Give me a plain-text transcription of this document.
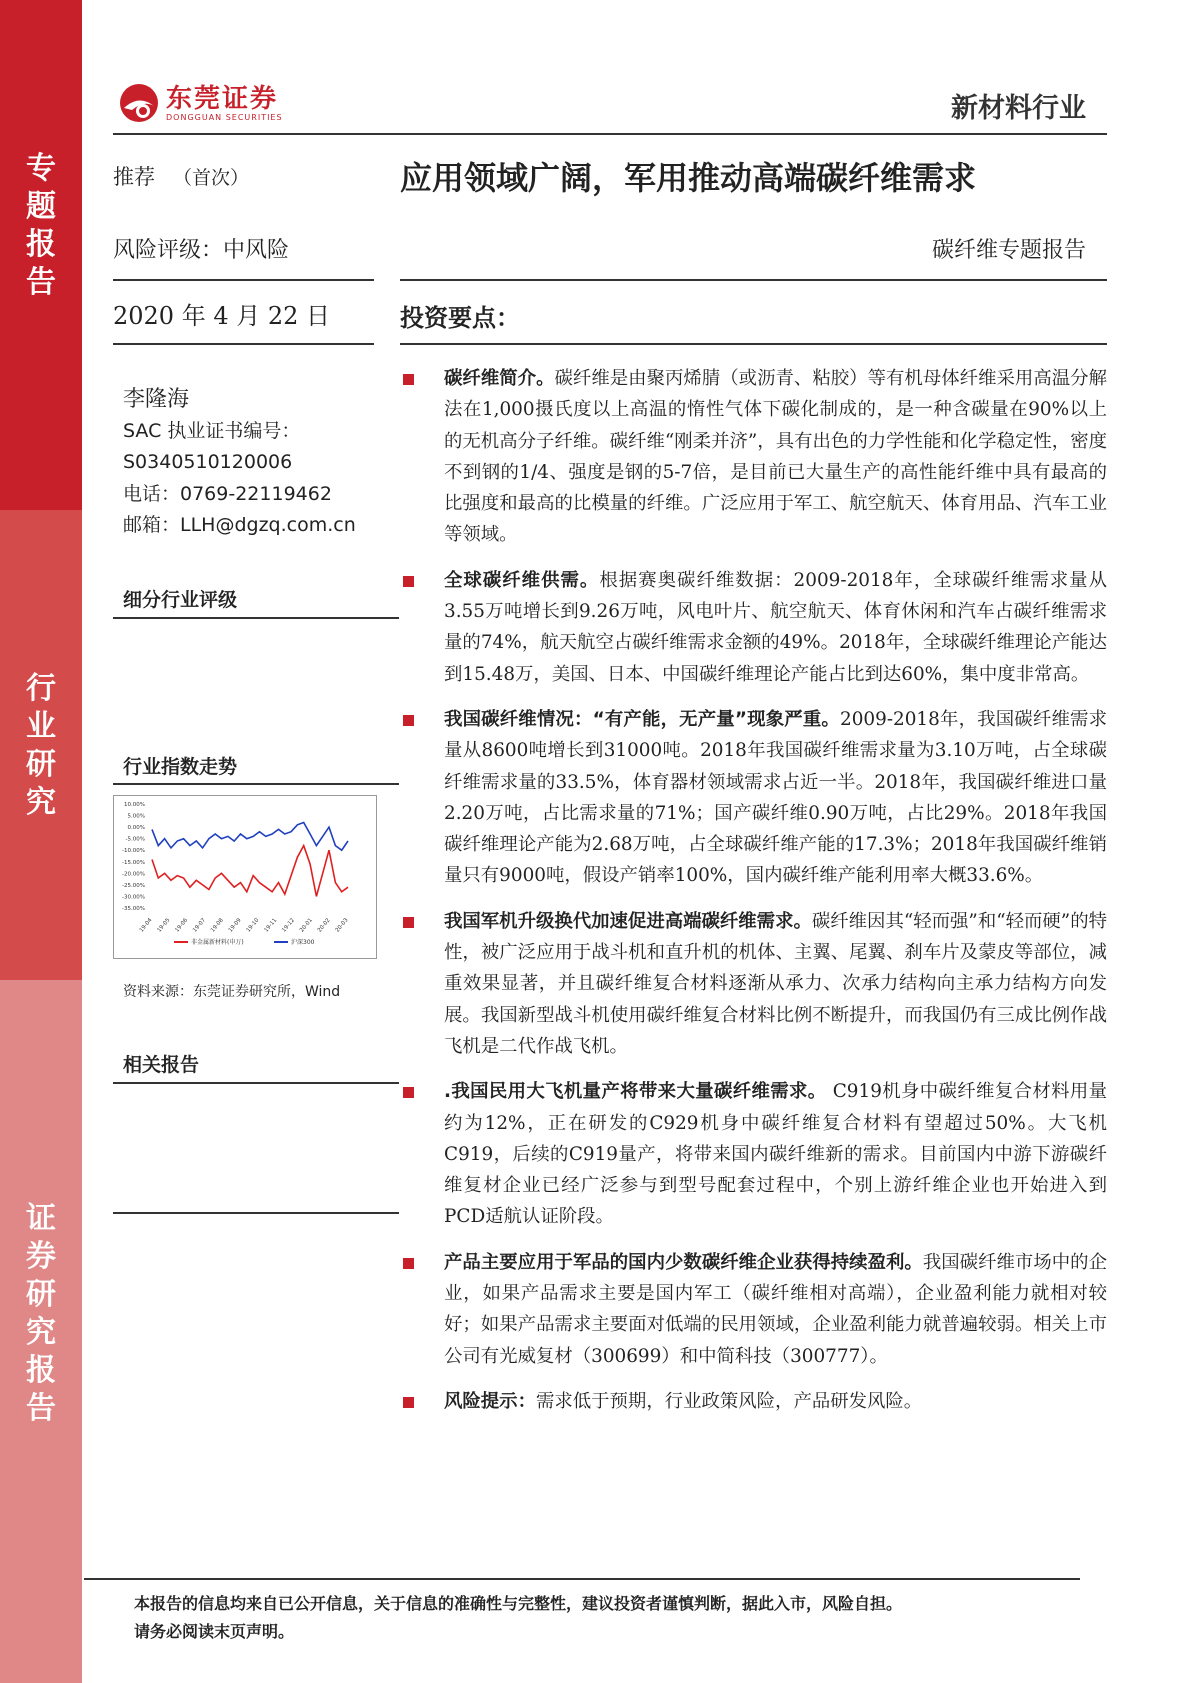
专
题
报
告
行
业
研
究
证
券
研
究
报
告
东莞证券
DONGGUAN SECURITIES	新材料行业
推荐 （首次）	应用领域广阔，军用推动高端碳纤维需求
风险评级：中风险	碳纤维专题报告
2020 年 4 月 22 日	投资要点：
李隆海
SAC 执业证书编号：
S0340510120006
电话：0769-22119462
邮箱：LLH@dgzq.com.cn
细分行业评级
行业指数走势
10.00%
5.00%
0.00%
-5.00%
-10.00%
-15.00%
-20.00%
-25.00%
-30.00%
-35.00%
19-04 19-05 19-06 19-07 19-08 19-09 19-10 19-11 19-12 20-01 20-02 20-03
非金属新材料(申万)	沪深300
资料来源：东莞证券研究所，Wind
相关报告
碳纤维简介。碳纤维是由聚丙烯腈（或沥青、粘胶）等有机母体纤维采用高温分解法在1,000摄氏度以上高温的惰性气体下碳化制成的，是一种含碳量在90%以上的无机高分子纤维。碳纤维“刚柔并济”，具有出色的力学性能和化学稳定性，密度不到钢的1/4、强度是钢的5-7倍，是目前已大量生产的高性能纤维中具有最高的比强度和最高的比模量的纤维。广泛应用于军工、航空航天、体育用品、汽车工业等领域。
全球碳纤维供需。根据赛奥碳纤维数据：2009-2018年，全球碳纤维需求量从3.55万吨增长到9.26万吨，风电叶片、航空航天、体育休闲和汽车占碳纤维需求量的74%，航天航空占碳纤维需求金额的49%。2018年，全球碳纤维理论产能达到15.48万，美国、日本、中国碳纤维理论产能占比到达60%，集中度非常高。
我国碳纤维情况：“有产能，无产量”现象严重。2009-2018年，我国碳纤维需求量从8600吨增长到31000吨。2018年我国碳纤维需求量为3.10万吨，占全球碳纤维需求量的33.5%，体育器材领域需求占近一半。2018年，我国碳纤维进口量2.20万吨，占比需求量的71%；国产碳纤维0.90万吨，占比29%。2018年我国碳纤维理论产能为2.68万吨，占全球碳纤维产能的17.3%；2018年我国碳纤维销量只有9000吨，假设产销率100%，国内碳纤维产能利用率大概33.6%。
我国军机升级换代加速促进高端碳纤维需求。碳纤维因其“轻而强”和“轻而硬”的特性，被广泛应用于战斗机和直升机的机体、主翼、尾翼、刹车片及蒙皮等部位，减重效果显著，并且碳纤维复合材料逐渐从承力、次承力结构向主承力结构方向发展。我国新型战斗机使用碳纤维复合材料比例不断提升，而我国仍有三成比例作战飞机是二代作战飞机。
.我国民用大飞机量产将带来大量碳纤维需求。 C919机身中碳纤维复合材料用量约为12%，正在研发的C929机身中碳纤维复合材料有望超过50%。大飞机C919，后续的C919量产，将带来国内碳纤维新的需求。目前国内中游下游碳纤维复材企业已经广泛参与到型号配套过程中，个别上游纤维企业也开始进入到PCD适航认证阶段。
产品主要应用于军品的国内少数碳纤维企业获得持续盈利。我国碳纤维市场中的企业，如果产品需求主要是国内军工（碳纤维相对高端），企业盈利能力就相对较好；如果产品需求主要面对低端的民用领域，企业盈利能力就普遍较弱。相关上市公司有光威复材（300699）和中简科技（300777）。
风险提示：需求低于预期，行业政策风险，产品研发风险。
本报告的信息均来自已公开信息，关于信息的准确性与完整性，建议投资者谨慎判断，据此入市，风险自担。
请务必阅读末页声明。
